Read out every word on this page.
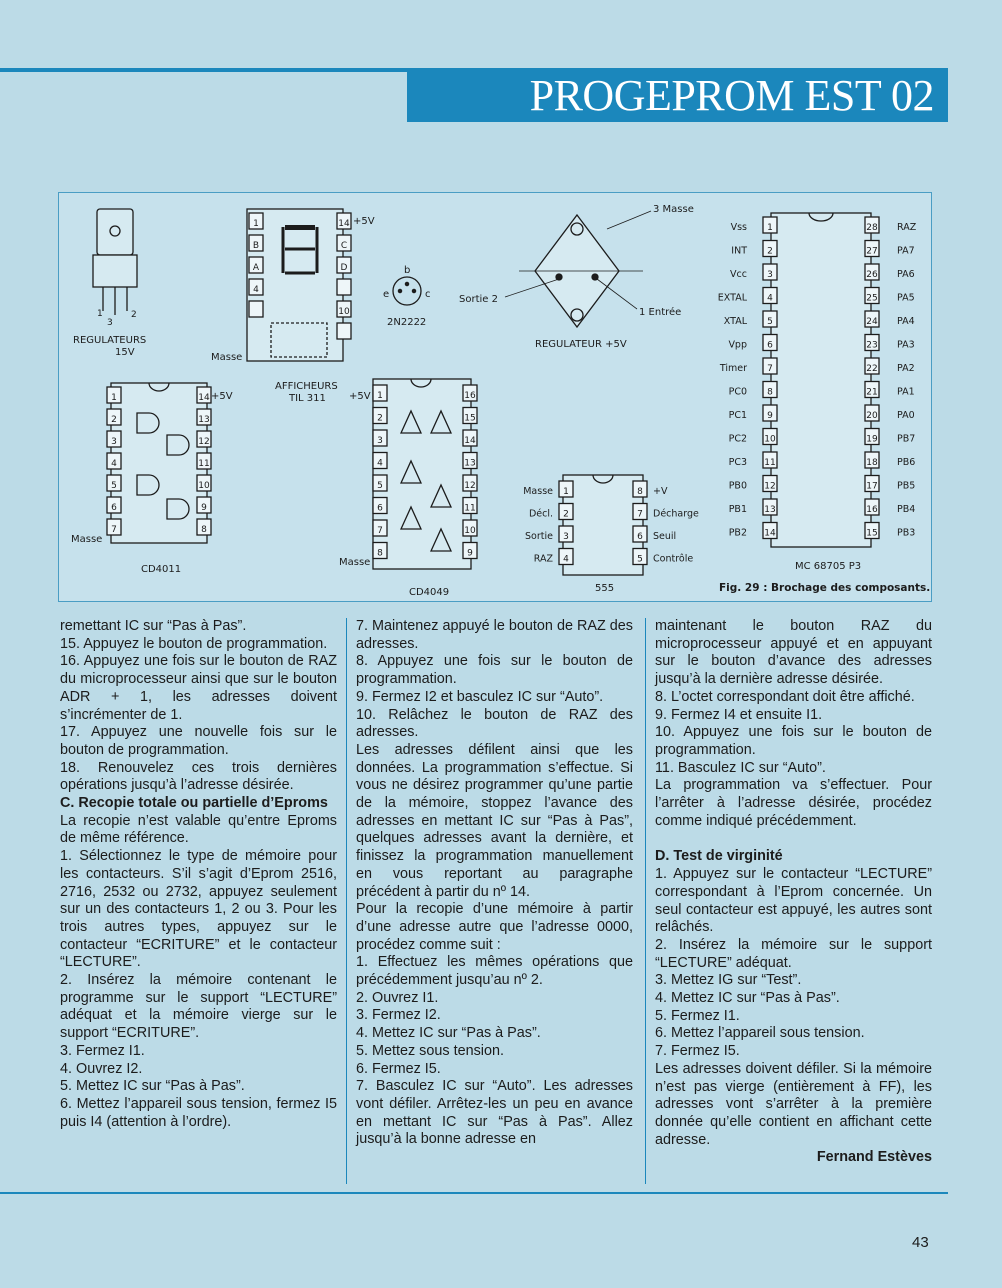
PROGEPROM EST 02
1
3
2
REGULATEURS
15V
1
B
A
4
14
C
D
10
+5V
Masse
AFFICHEURS
TIL 311
b
e	c
2N2222
3 Masse
Sortie 2
1 Entrée
REGULATEUR +5V
1
2
3
4
5
6
7
14
13
12
11
10
9
8
+5V
Masse
CD4011
1
2
3
4
5
6
7
8
16
15
14
13
12
11
10
9
+5V
Masse
CD4049
1
2
3
4
Masse
Décl.
Sortie
RAZ
8
7
6
5
+V
Décharge
Seuil
Contrôle
555
1
2
3
4
5
6
7
8
9
10
11
12
13
14
Vss
INT
Vcc
EXTAL
XTAL
Vpp
Timer
PC0
PC1
PC2
PC3
PB0
PB1
PB2
28
27
26
25
24
23
22
21
20
19
18
17
16
15
RAZ
PA7
PA6
PA5
PA4
PA3
PA2
PA1
PA0
PB7
PB6
PB5
PB4
PB3
MC 68705 P3
Fig. 29 : Brochage des composants.

remettant IC sur “Pas à Pas”.

15. Appuyez le bouton de programmation.

16. Appuyez une fois sur le bouton de RAZ du microprocesseur ainsi que sur le bouton ADR + 1, les adresses doivent s’incrémenter de 1.

17. Appuyez une nouvelle fois sur le bouton de programmation.

18. Renouvelez ces trois dernières opérations jusqu’à l’adresse désirée.

C. Recopie totale ou partielle d’Eproms

La recopie n’est valable qu’entre Eproms de même référence.

1. Sélectionnez le type de mémoire pour les contacteurs. S’il s’agit d’Eprom 2516, 2716, 2532 ou 2732, appuyez seulement sur un des contacteurs 1, 2 ou 3. Pour les trois autres types, appuyez sur le contacteur “ECRITURE” et le contacteur “LECTURE”.

2. Insérez la mémoire contenant le programme sur le support “LECTURE” adéquat et la mémoire vierge sur le support “ECRITURE”.

3. Fermez I1.

4. Ouvrez I2.

5. Mettez IC sur “Pas à Pas”.

6. Mettez l’appareil sous tension, fermez I5 puis I4 (attention à l’ordre).

7. Maintenez appuyé le bouton de RAZ des adresses.

8. Appuyez une fois sur le bouton de programmation.

9. Fermez I2 et basculez IC sur “Auto”.

10. Relâchez le bouton de RAZ des adresses.

Les adresses défilent ainsi que les données. La programmation s’effectue. Si vous ne désirez programmer qu’une partie de la mémoire, stoppez l’avance des adresses en mettant IC sur “Pas à Pas”, quelques adresses avant la dernière, et finissez la programmation manuellement en vous reportant au paragraphe précédent à partir du nº 14.

Pour la recopie d’une mémoire à partir d’une adresse autre que l’adresse 0000, procédez comme suit :

1. Effectuez les mêmes opérations que précédemment jusqu’au nº 2.

2. Ouvrez I1.

3. Fermez I2.

4. Mettez IC sur “Pas à Pas”.

5. Mettez sous tension.

6. Fermez I5.

7. Basculez IC sur “Auto”. Les adresses vont défiler. Arrêtez-les un peu en avance en mettant IC sur “Pas à Pas”. Allez jusqu’à la bonne adresse en

maintenant le bouton RAZ du microprocesseur appuyé et en appuyant sur le bouton d’avance des adresses jusqu’à la dernière adresse désirée.

8. L’octet correspondant doit être affiché.

9. Fermez I4 et ensuite I1.

10. Appuyez une fois sur le bouton de programmation.

11. Basculez IC sur “Auto”.

La programmation va s’effectuer. Pour l’arrêter à l’adresse désirée, procédez comme indiqué précédemment.

D. Test de virginité

1. Appuyez sur le contacteur “LECTURE” correspondant à l’Eprom concernée. Un seul contacteur est appuyé, les autres sont relâchés.

2. Insérez la mémoire sur le support “LECTURE” adéquat.

3. Mettez IG sur “Test”.

4. Mettez IC sur “Pas à Pas”.

5. Fermez I1.

6. Mettez l’appareil sous tension.

7. Fermez I5.

Les adresses doivent défiler. Si la mémoire n’est pas vierge (entièrement à FF), les adresses vont s’arrêter à la première donnée qu’elle contient en affichant cette adresse.

Fernand Estèves

43
